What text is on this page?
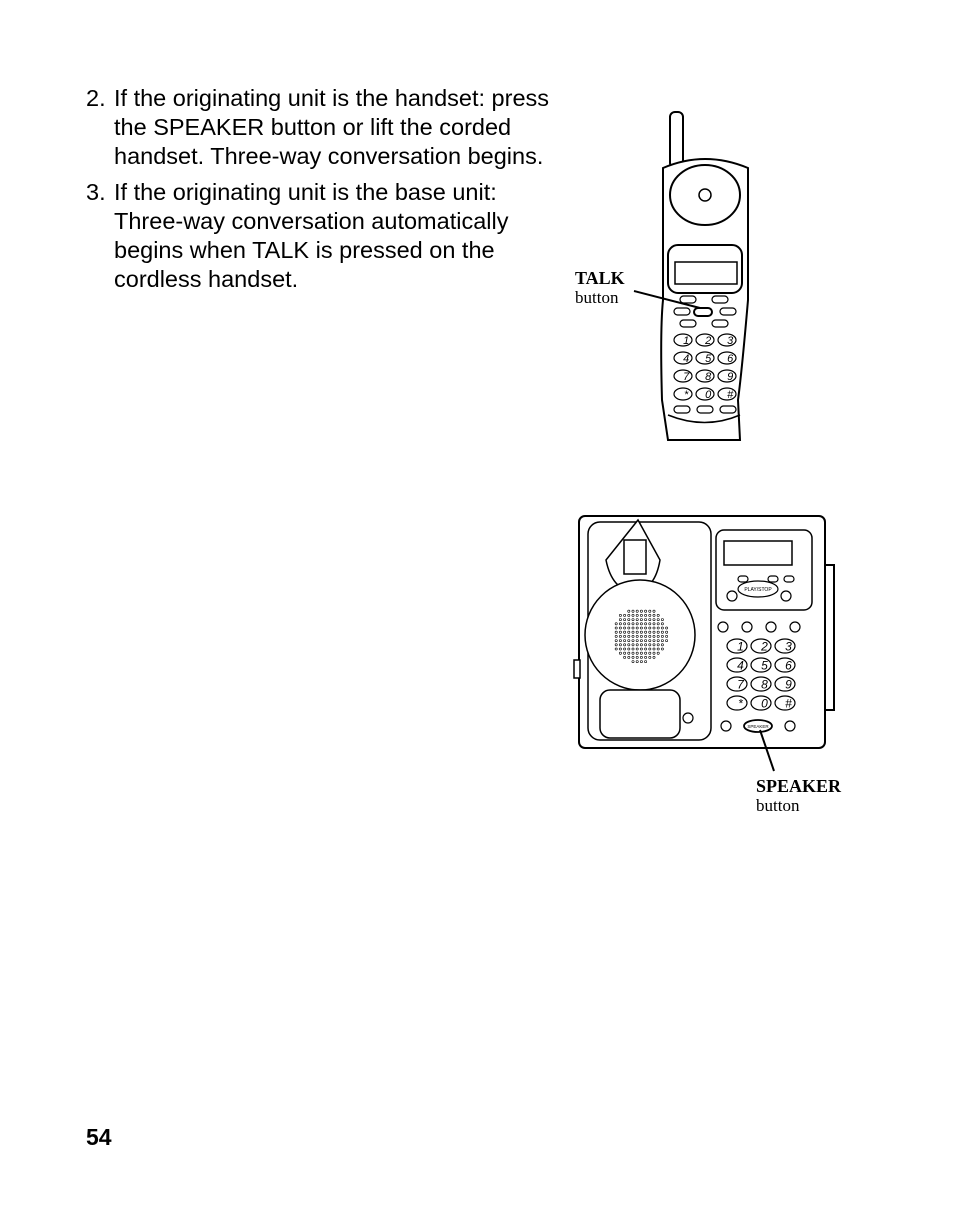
2. If the originating unit is the handset: press the SPEAKER button or lift the corded handset. Three-way conversation begins.
3. If the originating unit is the base unit: Three-way conversation automatically begins when TALK is pressed on the cordless handset.
1 2 3
4 5 6
7 8 9
* 0 #
PLAY/STOP
1 2 3
4 5 6
7 8 9
* 0 #
SPEAKER
TALK
button
SPEAKER
button
54
